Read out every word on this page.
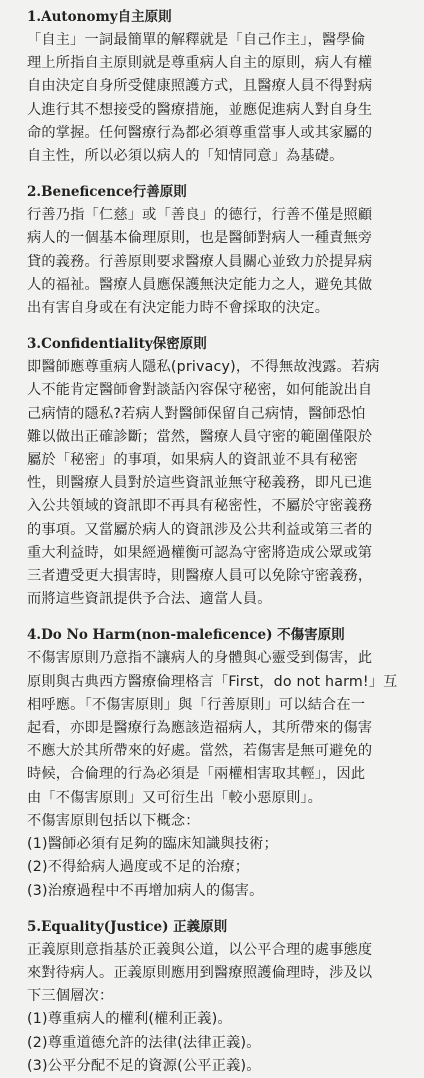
1.Autonomy自主原則
「自主」一詞最簡單的解釋就是「自己作主」，醫學倫
理上所指自主原則就是尊重病人自主的原則，病人有權
自由決定自身所受健康照護方式，且醫療人員不得對病
人進行其不想接受的醫療措施，並應促進病人對自身生
命的掌握。任何醫療行為都必須尊重當事人或其家屬的
自主性，所以必須以病人的「知情同意」為基礎。
2.Beneficence行善原則
行善乃指「仁慈」或「善良」的德行，行善不僅是照顧
病人的一個基本倫理原則，也是醫師對病人一種責無旁
貸的義務。行善原則要求醫療人員關心並致力於提昇病
人的福祉。醫療人員應保護無決定能力之人，避免其做
出有害自身或在有決定能力時不會採取的決定。
3.Confidentiality保密原則
即醫師應尊重病人隱私(privacy)，不得無故洩露。若病
人不能肯定醫師會對談話內容保守秘密，如何能說出自
己病情的隱私?若病人對醫師保留自己病情，醫師恐怕
難以做出正確診斷；當然，醫療人員守密的範圍僅限於
屬於「秘密」的事項，如果病人的資訊並不具有秘密
性，則醫療人員對於這些資訊並無守秘義務，即凡已進
入公共領域的資訊即不再具有秘密性，不屬於守密義務
的事項。又當屬於病人的資訊涉及公共利益或第三者的
重大利益時，如果經過權衡可認為守密將造成公眾或第
三者遭受更大損害時，則醫療人員可以免除守密義務，
而將這些資訊提供予合法、適當人員。
4.Do No Harm(non-maleficence) 不傷害原則
不傷害原則乃意指不讓病人的身體與心靈受到傷害，此
原則與古典西方醫療倫理格言「First，do not harm!」互
相呼應。「不傷害原則」與「行善原則」可以結合在一
起看，亦即是醫療行為應該造福病人，其所帶來的傷害
不應大於其所帶來的好處。當然，若傷害是無可避免的
時候，合倫理的行為必須是「兩權相害取其輕」，因此
由「不傷害原則」又可衍生出「較小惡原則」。
不傷害原則包括以下概念：
(1)醫師必須有足夠的臨床知識與技術；
(2)不得給病人過度或不足的治療；
(3)治療過程中不再增加病人的傷害。
5.Equality(Justice) 正義原則
正義原則意指基於正義與公道，以公平合理的處事態度
來對待病人。正義原則應用到醫療照護倫理時，涉及以
下三個層次：
(1)尊重病人的權利(權利正義)。
(2)尊重道德允許的法律(法律正義)。
(3)公平分配不足的資源(公平正義)。
